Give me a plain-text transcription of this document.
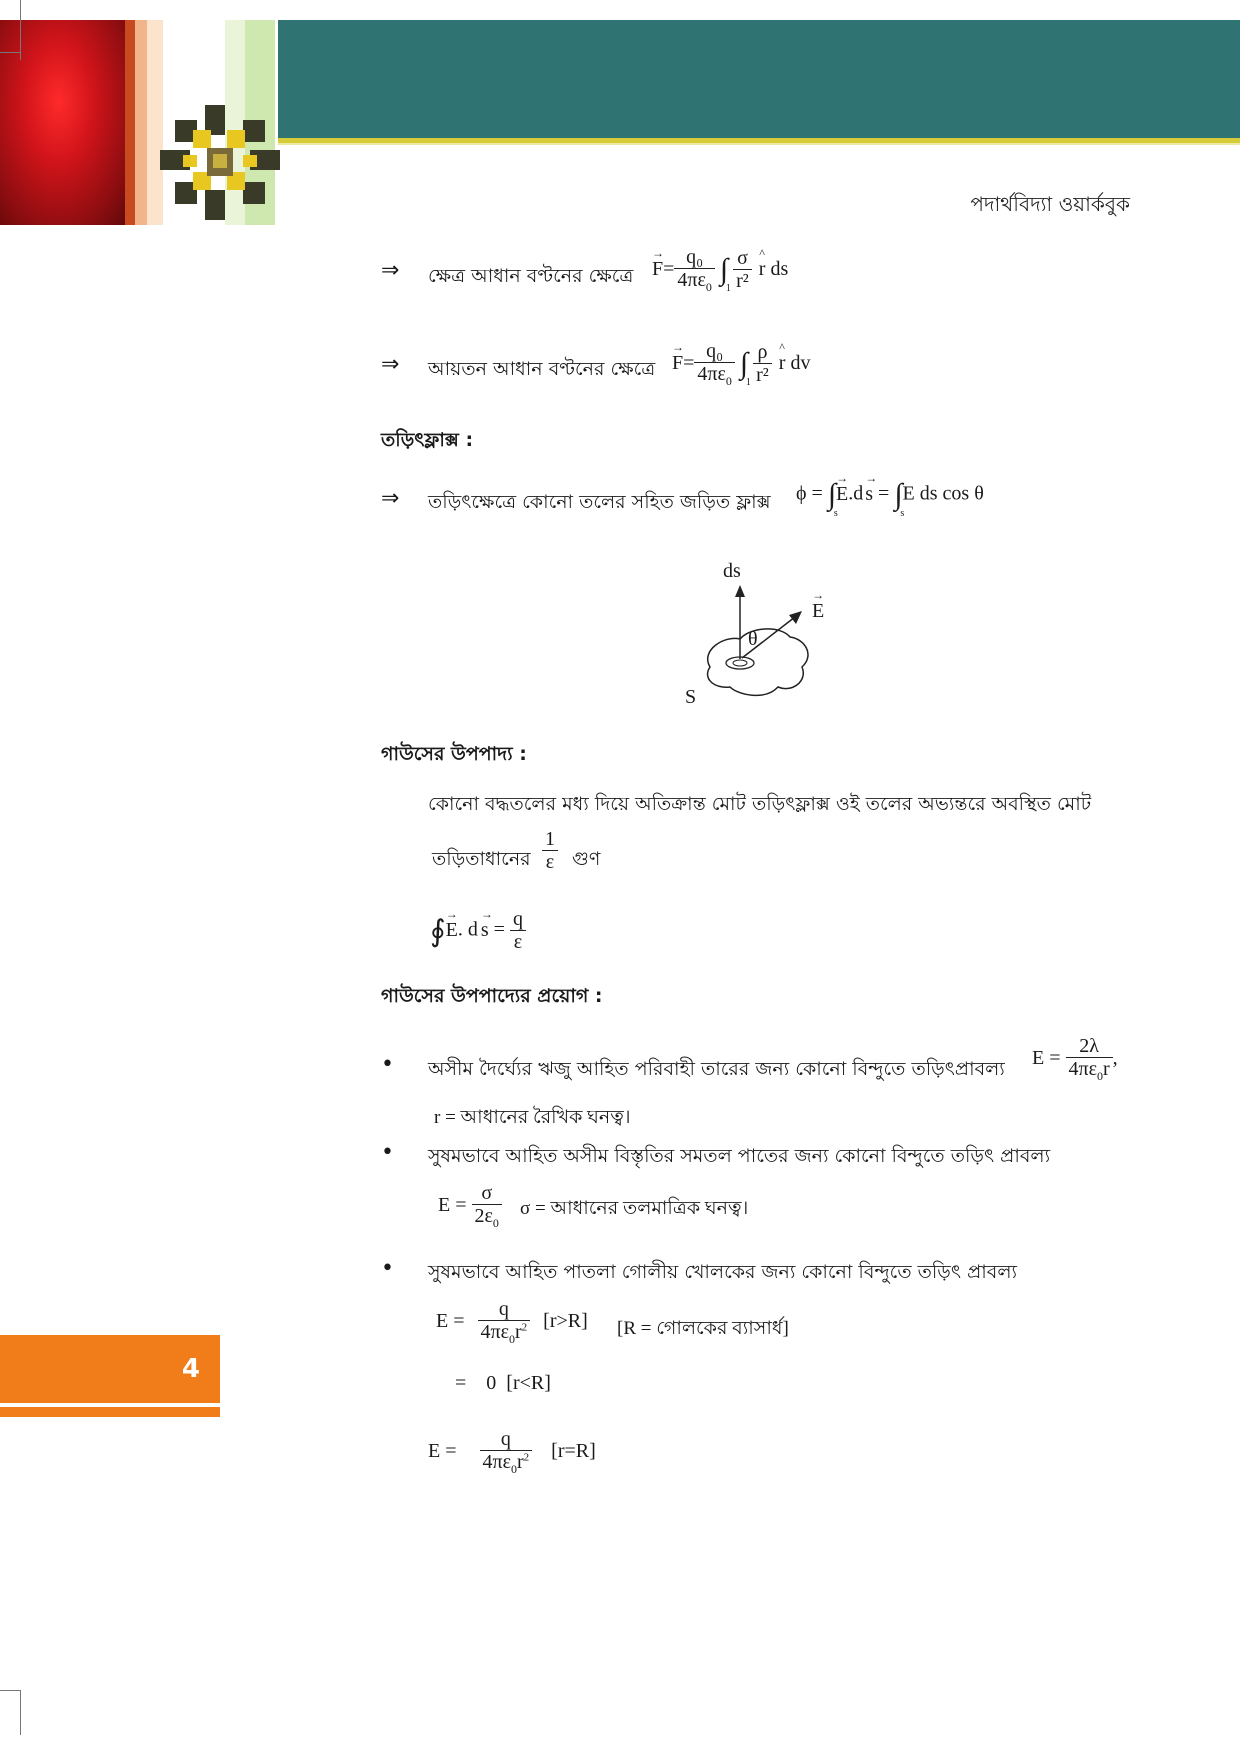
পদার্থবিদ্যা ওয়ার্কবুক
⇒ ক্ষেত্র আধান বণ্টনের ক্ষেত্রে → $F= \frac{\text{q₀}}{4\pi\varepsilon_0}$ ∫
1
$\frac{\sigma}{\text{r²}}$ ^ r ds
⇒ আয়তন আধান বণ্টনের ক্ষেত্রে → $F= \frac{\text{q₀}}{4\pi\varepsilon_0}$ ∫
1
$\frac{\rho}{\text{r²}}$ ^ r dv
তড়িৎফ্লাক্স :
⇒ তড়িৎক্ষেত্রে কোনো তলের সহিত জড়িত ফ্লাক্স ϕ = ∫
s
→ E.d → s = ∫
s
E ds cos θ
ds
→ E
θ
S
গাউসের উপপাদ্য :
কোনো বদ্ধতলের মধ্য দিয়ে অতিক্রান্ত মোট তড়িৎফ্লাক্স ওই তলের অভ্যন্তরে অবস্থিত মোট
তড়িতাধানের $\frac{1}{\varepsilon}$ গুণ
∮→ E. $d \to s = \frac{q}{\varepsilon}$
গাউসের উপপাদ্যের প্রয়োগ :
• অসীম দৈর্ঘ্যের ঋজু আহিত পরিবাহী তারের জন্য কোনো বিন্দুতে তড়িৎপ্রাবল্য $E = \frac{2\lambda}{4\pi\varepsilon_0r}$ ,
r = আধানের রৈখিক ঘনত্ব।
• সুষমভাবে আহিত অসীম বিস্তৃতির সমতল পাতের জন্য কোনো বিন্দুতে তড়িৎ প্রাবল্য
$E = \frac{\sigma}{2\varepsilon_0}$ σ = আধানের তলমাত্রিক ঘনত্ব।
• সুষমভাবে আহিত পাতলা গোলীয় খোলকের জন্য কোনো বিন্দুতে তড়িৎ প্রাবল্য
$E = \frac{q}{4\pi\varepsilon_0r^2} [r>R] [R$ = গোলকের ব্যাসার্ধ]
=    0  [r<R]
$E = \frac{q}{4\pi\varepsilon_0r^2} [r=R]$
4
